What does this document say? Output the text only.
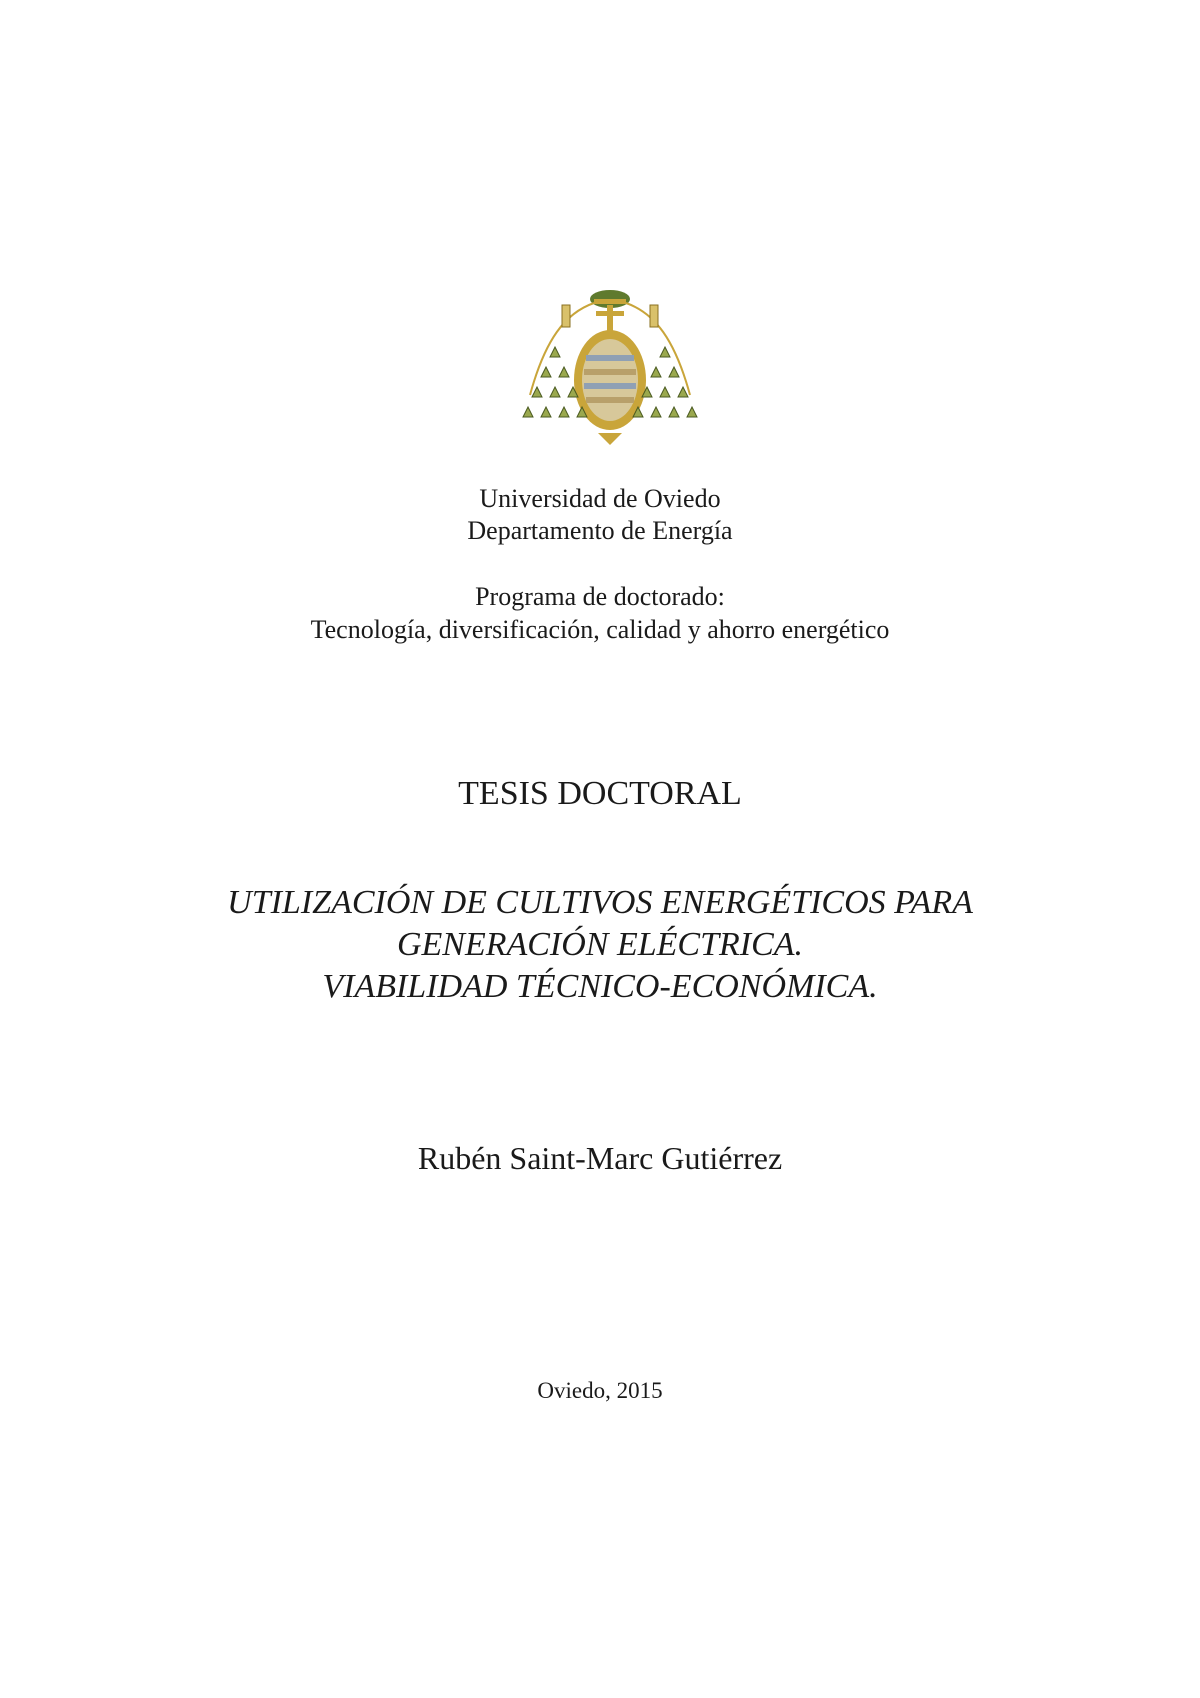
Universidad de Oviedo
Departamento de Energía
Programa de doctorado:
Tecnología, diversificación, calidad y ahorro energético
TESIS DOCTORAL
UTILIZACIÓN DE CULTIVOS ENERGÉTICOS PARA
GENERACIÓN ELÉCTRICA.
VIABILIDAD TÉCNICO-ECONÓMICA.
Rubén Saint-Marc Gutiérrez
Oviedo, 2015
